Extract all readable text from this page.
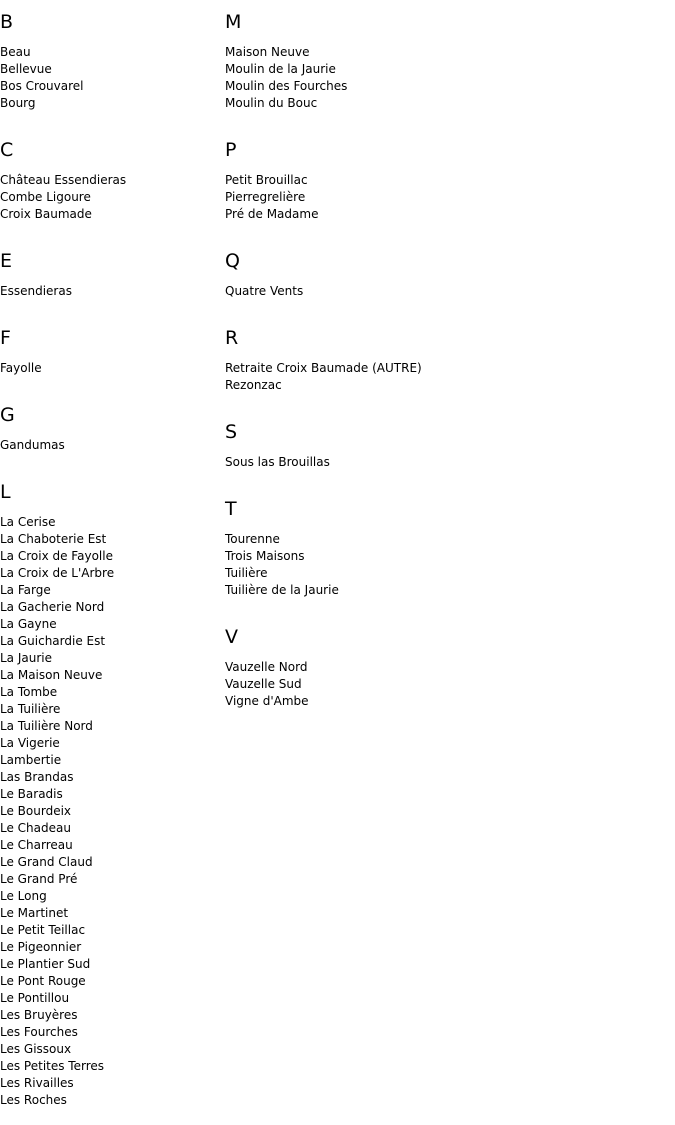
B
Beau
Bellevue
Bos Crouvarel
Bourg
C
Château Essendieras
Combe Ligoure
Croix Baumade
E
Essendieras
F
Fayolle
G
Gandumas
L
La Cerise
La Chaboterie Est
La Croix de Fayolle
La Croix de L'Arbre
La Farge
La Gacherie Nord
La Gayne
La Guichardie Est
La Jaurie
La Maison Neuve
La Tombe
La Tuilière
La Tuilière Nord
La Vigerie
Lambertie
Las Brandas
Le Baradis
Le Bourdeix
Le Chadeau
Le Charreau
Le Grand Claud
Le Grand Pré
Le Long
Le Martinet
Le Petit Teillac
Le Pigeonnier
Le Plantier Sud
Le Pont Rouge
Le Pontillou
Les Bruyères
Les Fourches
Les Gissoux
Les Petites Terres
Les Rivailles
Les Roches
M
Maison Neuve
Moulin de la Jaurie
Moulin des Fourches
Moulin du Bouc
P
Petit Brouillac
Pierregrelière
Pré de Madame
Q
Quatre Vents
R
Retraite Croix Baumade (AUTRE)
Rezonzac
S
Sous las Brouillas
T
Tourenne
Trois Maisons
Tuilière
Tuilière de la Jaurie
V
Vauzelle Nord
Vauzelle Sud
Vigne d'Ambe
